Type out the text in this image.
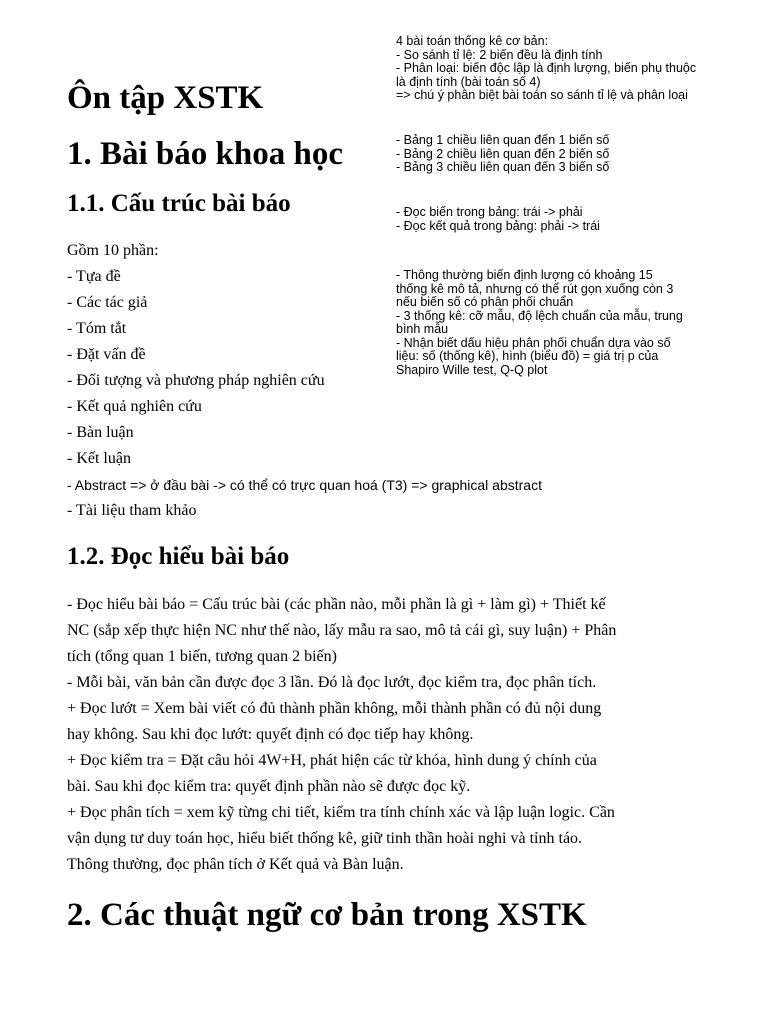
Ôn tập XSTK
1. Bài báo khoa học
1.1. Cấu trúc bài báo
Gồm 10 phần:
- Tựa đề
- Các tác giả
- Tóm tắt
- Đặt vấn đề
- Đối tượng và phương pháp nghiên cứu
- Kết quả nghiên cứu
- Bàn luận
- Kết luận
- Abstract => ở đầu bài -> có thể có trực quan hoá (T3) => graphical abstract
- Tài liệu tham khảo
1.2. Đọc hiểu bài báo
- Đọc hiểu bài báo = Cấu trúc bài (các phần nào, mỗi phần là gì + làm gì) + Thiết kế
NC (sắp xếp thực hiện NC như thế nào, lấy mẫu ra sao, mô tả cái gì, suy luận) + Phân
tích (tổng quan 1 biến, tương quan 2 biến)
- Mỗi bài, văn bản cần được đọc 3 lần. Đó là đọc lướt, đọc kiểm tra, đọc phân tích.
+ Đọc lướt = Xem bài viết có đủ thành phần không, mỗi thành phần có đủ nội dung
hay không. Sau khi đọc lướt: quyết định có đọc tiếp hay không.
+ Đọc kiểm tra = Đặt câu hỏi 4W+H, phát hiện các từ khóa, hình dung ý chính của
bài. Sau khi đọc kiểm tra: quyết định phần nào sẽ được đọc kỹ.
+ Đọc phân tích = xem kỹ từng chi tiết, kiểm tra tính chính xác và lập luận logic. Cần
vận dụng tư duy toán học, hiểu biết thống kê, giữ tinh thần hoài nghi và tỉnh táo.
Thông thường, đọc phân tích ở Kết quả và Bàn luận.
2. Các thuật ngữ cơ bản trong XSTK
4 bài toán thống kê cơ bản:
- So sánh tỉ lệ: 2 biến đều là định tính
- Phân loại: biến độc lập là định lượng, biến phụ thuộc
là định tính (bài toán số 4)
=> chú ý phân biệt bài toán so sánh tỉ lệ và phân loại
- Bảng 1 chiều liên quan đến 1 biến số
- Bảng 2 chiều liên quan đến 2 biến số
- Bảng 3 chiều liên quan đến 3 biến số
- Đọc biến trong bảng: trái -> phải
- Đọc kết quả trong bảng: phải -> trái
- Thông thường biến định lượng có khoảng 15
thống kê mô tả, nhưng có thể rút gọn xuống còn 3
nếu biến số có phân phối chuẩn
- 3 thống kê: cỡ mẫu, độ lệch chuẩn của mẫu, trung
bình mẫu
- Nhận biết dấu hiệu phân phối chuẩn dựa vào số
liệu: số (thống kê), hình (biểu đồ) = giá trị p của
Shapiro Wille test, Q-Q plot
